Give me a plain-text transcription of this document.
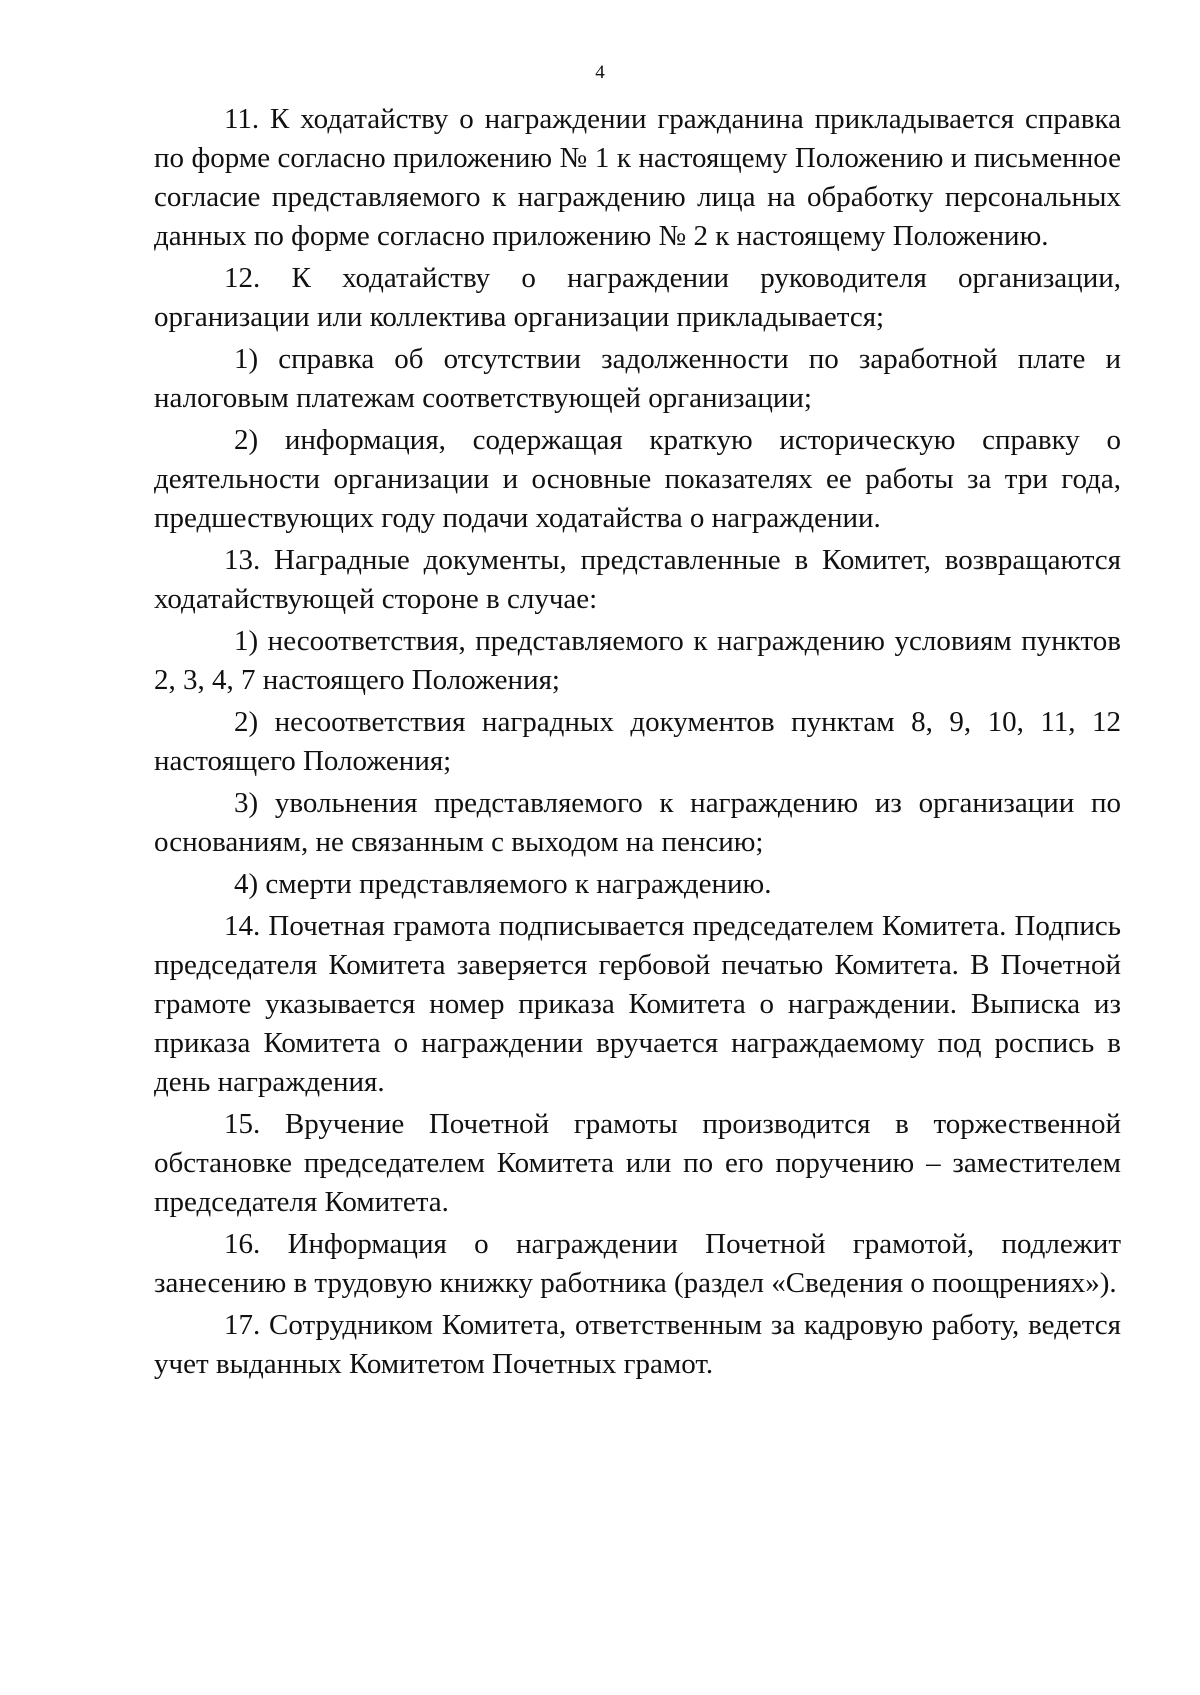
4

11. К ходатайству о награждении гражданина прикладывается справка по форме согласно приложению № 1 к настоящему Положению и письменное согласие представляемого к награждению лица на обработку персональных данных по форме согласно приложению № 2 к настоящему Положению.

12. К ходатайству о награждении руководителя организации, организации или коллектива организации прикладывается;

1) справка об отсутствии задолженности по заработной плате и налоговым платежам соответствующей организации;

2) информация, содержащая краткую историческую справку о деятельности организации и основные показателях ее работы за три года, предшествующих году подачи ходатайства о награждении.

13. Наградные документы, представленные в Комитет, возвращаются ходатайствующей стороне в случае:

1) несоответствия, представляемого к награждению условиям пунктов 2, 3, 4, 7 настоящего Положения;

2) несоответствия наградных документов пунктам 8, 9, 10, 11, 12 настоящего Положения;

3) увольнения представляемого к награждению из организации по основаниям, не связанным с выходом на пенсию;

4) смерти представляемого к награждению.

14. Почетная грамота подписывается председателем Комитета. Подпись председателя Комитета заверяется гербовой печатью Комитета. В Почетной грамоте указывается номер приказа Комитета о награждении. Выписка из приказа Комитета о награждении вручается награждаемому под роспись в день награждения.

15. Вручение Почетной грамоты производится в торжественной обстановке председателем Комитета или по его поручению – заместителем председателя Комитета.

16. Информация о награждении Почетной грамотой, подлежит занесению в трудовую книжку работника (раздел «Сведения о поощрениях»).

17. Сотрудником Комитета, ответственным за кадровую работу, ведется учет выданных Комитетом Почетных грамот.
